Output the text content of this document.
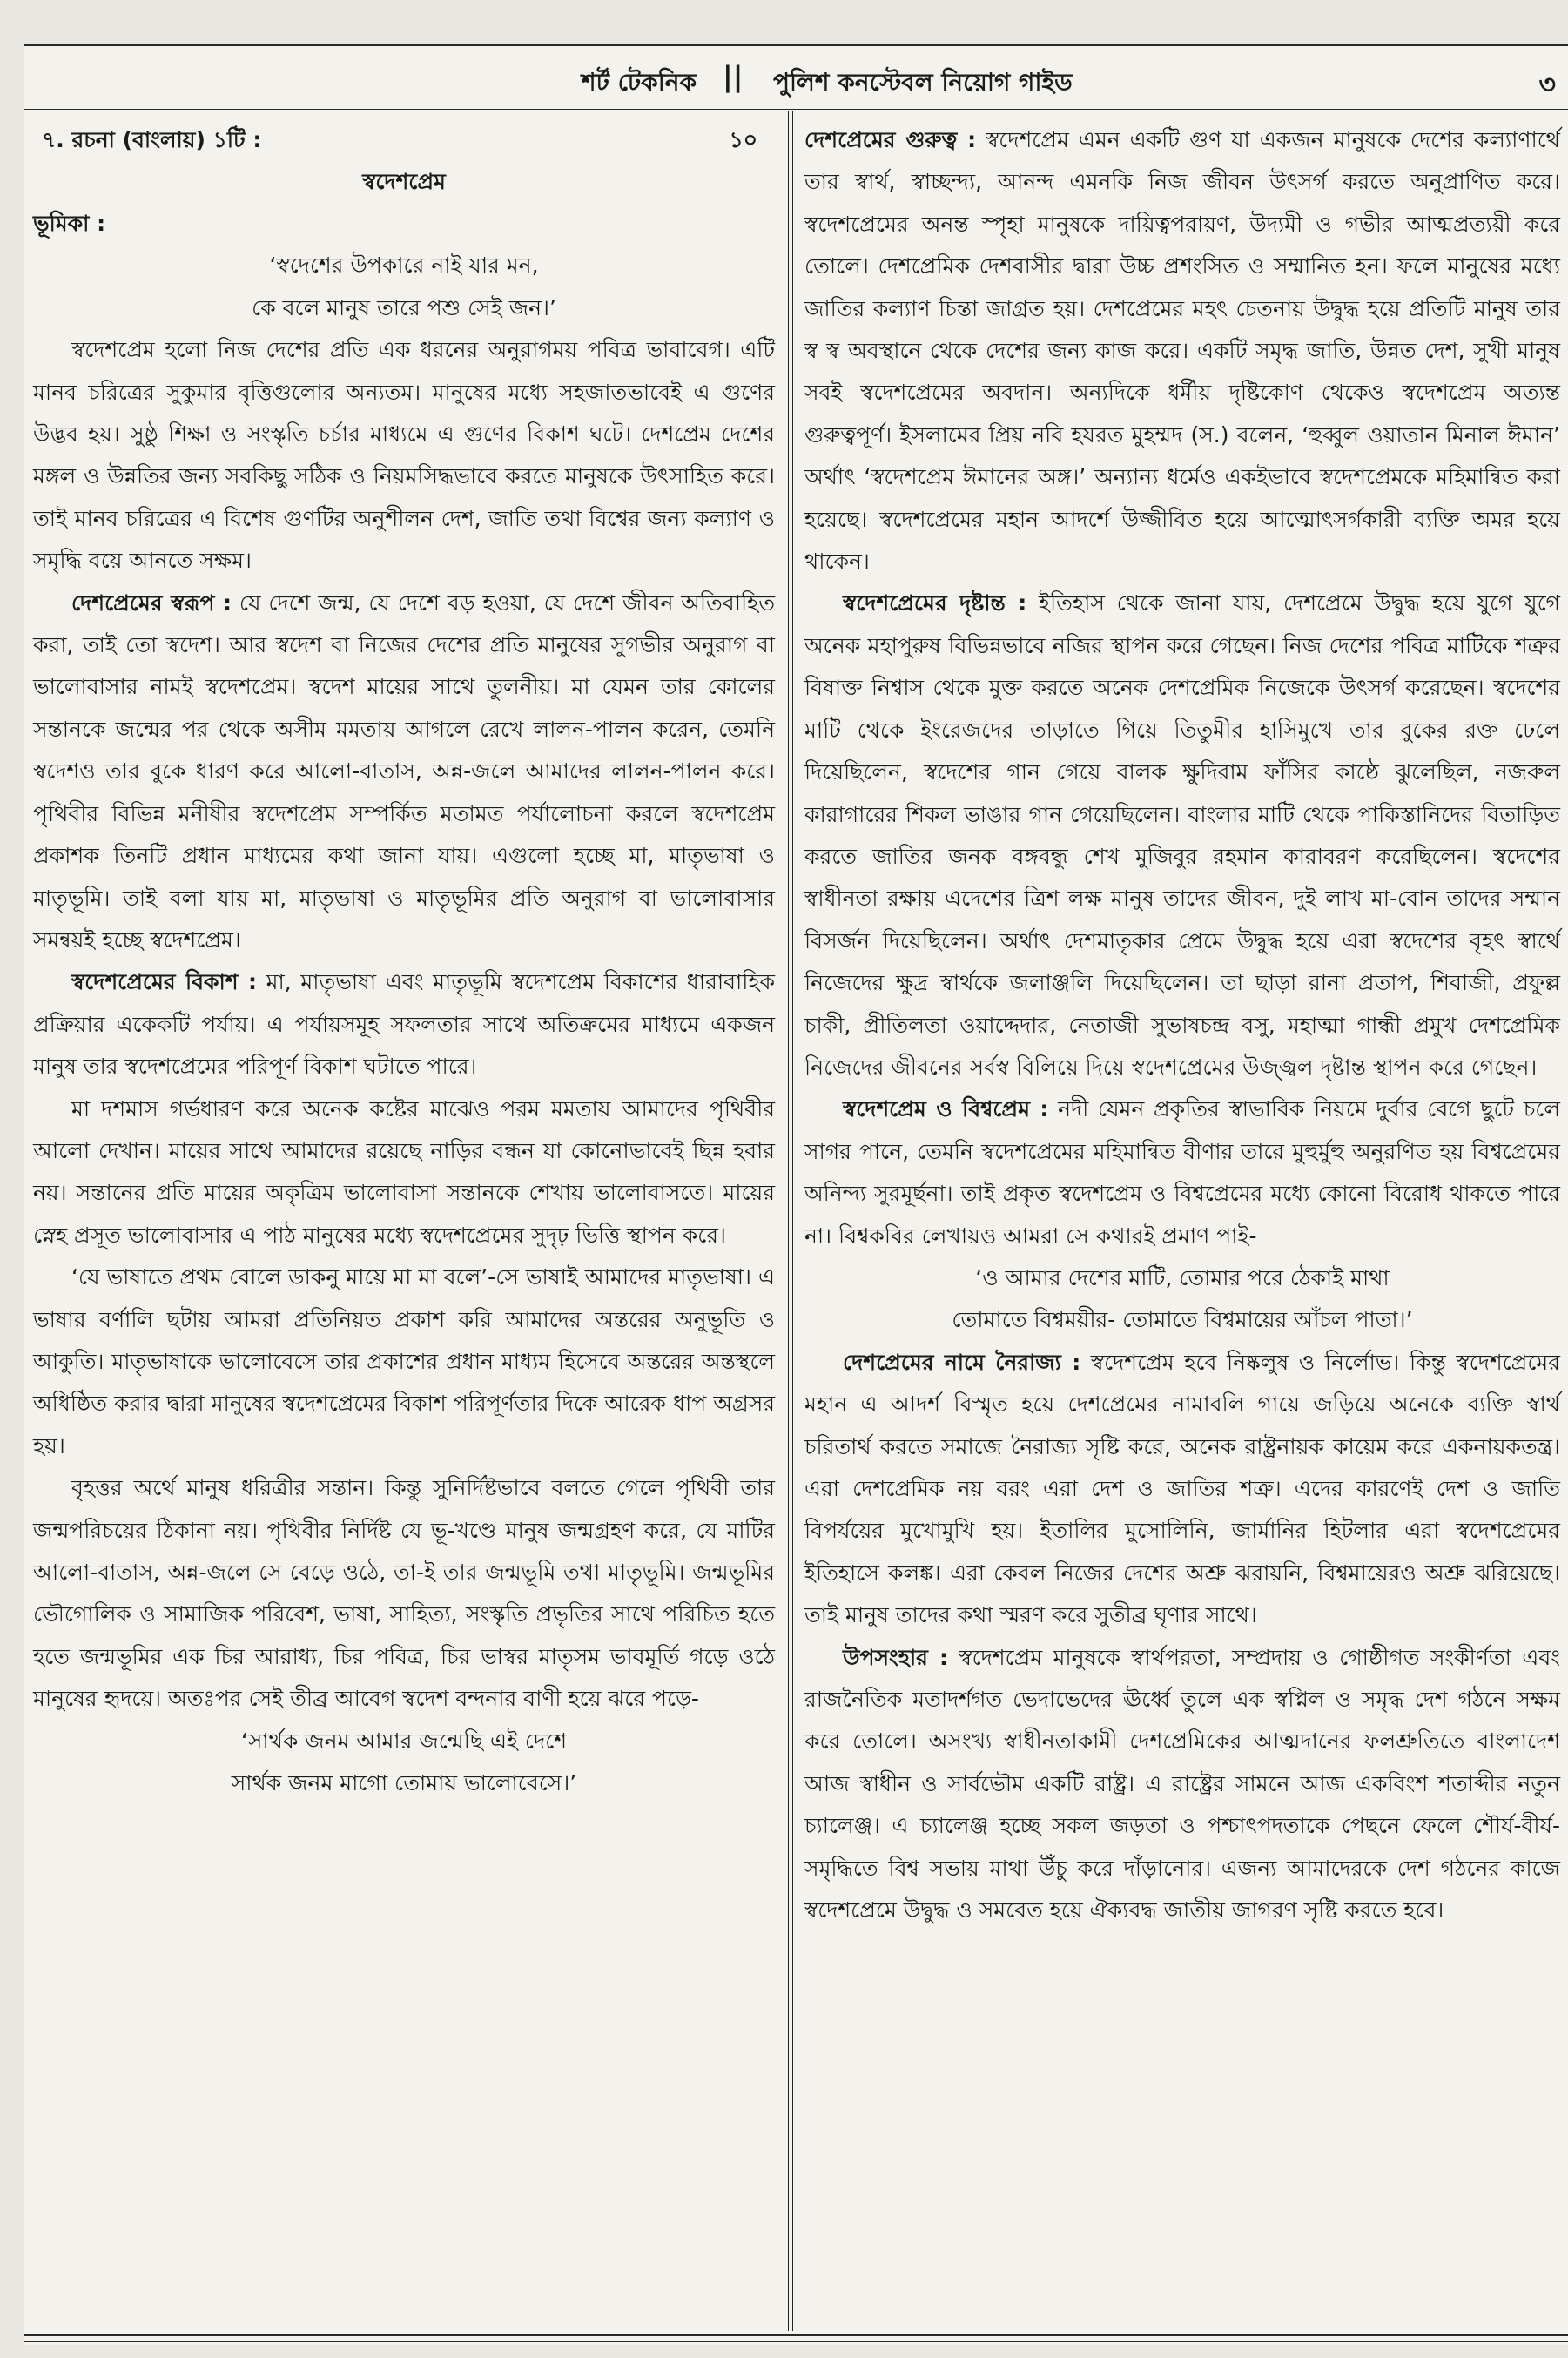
শর্ট টেকনিক || পুলিশ কনস্টেবল নিয়োগ গাইড	৩
৭. রচনা (বাংলায়) ১টি :	১০
স্বদেশপ্রেম

ভূমিকা :

‘স্বদেশের উপকারে নাই যার মন,

কে বলে মানুষ তারে পশু সেই জন।’

স্বদেশপ্রেম হলো নিজ দেশের প্রতি এক ধরনের অনুরাগময় পবিত্র ভাবাবেগ। এটি মানব চরিত্রের সুকুমার বৃত্তিগুলোর অন্যতম। মানুষের মধ্যে সহজাতভাবেই এ গুণের উদ্ভব হয়। সুষ্ঠু শিক্ষা ও সংস্কৃতি চর্চার মাধ্যমে এ গুণের বিকাশ ঘটে। দেশপ্রেম দেশের মঙ্গল ও উন্নতির জন্য সবকিছু সঠিক ও নিয়মসিদ্ধভাবে করতে মানুষকে উৎসাহিত করে। তাই মানব চরিত্রের এ বিশেষ গুণটির অনুশীলন দেশ, জাতি তথা বিশ্বের জন্য কল্যাণ ও সমৃদ্ধি বয়ে আনতে সক্ষম।

দেশপ্রেমের স্বরূপ : যে দেশে জন্ম, যে দেশে বড় হওয়া, যে দেশে জীবন অতিবাহিত করা, তাই তো স্বদেশ। আর স্বদেশ বা নিজের দেশের প্রতি মানুষের সুগভীর অনুরাগ বা ভালোবাসার নামই স্বদেশপ্রেম। স্বদেশ মায়ের সাথে তুলনীয়। মা যেমন তার কোলের সন্তানকে জন্মের পর থেকে অসীম মমতায় আগলে রেখে লালন-পালন করেন, তেমনি স্বদেশও তার বুকে ধারণ করে আলো-বাতাস, অন্ন-জলে আমাদের লালন-পালন করে। পৃথিবীর বিভিন্ন মনীষীর স্বদেশপ্রেম সম্পর্কিত মতামত পর্যালোচনা করলে স্বদেশপ্রেম প্রকাশক তিনটি প্রধান মাধ্যমের কথা জানা যায়। এগুলো হচ্ছে মা, মাতৃভাষা ও মাতৃভূমি। তাই বলা যায় মা, মাতৃভাষা ও মাতৃভূমির প্রতি অনুরাগ বা ভালোবাসার সমন্বয়ই হচ্ছে স্বদেশপ্রেম।

স্বদেশপ্রেমের বিকাশ : মা, মাতৃভাষা এবং মাতৃভূমি স্বদেশপ্রেম বিকাশের ধারাবাহিক প্রক্রিয়ার একেকটি পর্যায়। এ পর্যায়সমূহ সফলতার সাথে অতিক্রমের মাধ্যমে একজন মানুষ তার স্বদেশপ্রেমের পরিপূর্ণ বিকাশ ঘটাতে পারে।

মা দশমাস গর্ভধারণ করে অনেক কষ্টের মাঝেও পরম মমতায় আমাদের পৃথিবীর আলো দেখান। মায়ের সাথে আমাদের রয়েছে নাড়ির বন্ধন যা কোনোভাবেই ছিন্ন হবার নয়। সন্তানের প্রতি মায়ের অকৃত্রিম ভালোবাসা সন্তানকে শেখায় ভালোবাসতে। মায়ের স্নেহ প্রসূত ভালোবাসার এ পাঠ মানুষের মধ্যে স্বদেশপ্রেমের সুদৃঢ় ভিত্তি স্থাপন করে।

‘যে ভাষাতে প্রথম বোলে ডাকনু মায়ে মা মা বলে’-সে ভাষাই আমাদের মাতৃভাষা। এ ভাষার বর্ণালি ছটায় আমরা প্রতিনিয়ত প্রকাশ করি আমাদের অন্তরের অনুভূতি ও আকুতি। মাতৃভাষাকে ভালোবেসে তার প্রকাশের প্রধান মাধ্যম হিসেবে অন্তরের অন্তস্থলে অধিষ্ঠিত করার দ্বারা মানুষের স্বদেশপ্রেমের বিকাশ পরিপূর্ণতার দিকে আরেক ধাপ অগ্রসর হয়।

বৃহত্তর অর্থে মানুষ ধরিত্রীর সন্তান। কিন্তু সুনির্দিষ্টভাবে বলতে গেলে পৃথিবী তার জন্মপরিচয়ের ঠিকানা নয়। পৃথিবীর নির্দিষ্ট যে ভূ-খণ্ডে মানুষ জন্মগ্রহণ করে, যে মাটির আলো-বাতাস, অন্ন-জলে সে বেড়ে ওঠে, তা-ই তার জন্মভূমি তথা মাতৃভূমি। জন্মভূমির ভৌগোলিক ও সামাজিক পরিবেশ, ভাষা, সাহিত্য, সংস্কৃতি প্রভৃতির সাথে পরিচিত হতে হতে জন্মভূমির এক চির আরাধ্য, চির পবিত্র, চির ভাস্বর মাতৃসম ভাবমূর্তি গড়ে ওঠে মানুষের হৃদয়ে। অতঃপর সেই তীব্র আবেগ স্বদেশ বন্দনার বাণী হয়ে ঝরে পড়ে-

‘সার্থক জনম আমার জন্মেছি এই দেশে

সার্থক জনম মাগো তোমায় ভালোবেসে।’

দেশপ্রেমের গুরুত্ব : স্বদেশপ্রেম এমন একটি গুণ যা একজন মানুষকে দেশের কল্যাণার্থে তার স্বার্থ, স্বাচ্ছন্দ্য, আনন্দ এমনকি নিজ জীবন উৎসর্গ করতে অনুপ্রাণিত করে। স্বদেশপ্রেমের অনন্ত স্পৃহা মানুষকে দায়িত্বপরায়ণ, উদ্যমী ও গভীর আত্মপ্রত্যয়ী করে তোলে। দেশপ্রেমিক দেশবাসীর দ্বারা উচ্চ প্রশংসিত ও সম্মানিত হন। ফলে মানুষের মধ্যে জাতির কল্যাণ চিন্তা জাগ্রত হয়। দেশপ্রেমের মহৎ চেতনায় উদ্বুদ্ধ হয়ে প্রতিটি মানুষ তার স্ব স্ব অবস্থানে থেকে দেশের জন্য কাজ করে। একটি সমৃদ্ধ জাতি, উন্নত দেশ, সুখী মানুষ সবই স্বদেশপ্রেমের অবদান। অন্যদিকে ধর্মীয় দৃষ্টিকোণ থেকেও স্বদেশপ্রেম অত্যন্ত গুরুত্বপূর্ণ। ইসলামের প্রিয় নবি হযরত মুহম্মদ (স.) বলেন, ‘হুব্বুল ওয়াতান মিনাল ঈমান’ অর্থাৎ ‘স্বদেশপ্রেম ঈমানের অঙ্গ।’ অন্যান্য ধর্মেও একইভাবে স্বদেশপ্রেমকে মহিমান্বিত করা হয়েছে। স্বদেশপ্রেমের মহান আদর্শে উজ্জীবিত হয়ে আত্মোৎসর্গকারী ব্যক্তি অমর হয়ে থাকেন।

স্বদেশপ্রেমের দৃষ্টান্ত : ইতিহাস থেকে জানা যায়, দেশপ্রেমে উদ্বুদ্ধ হয়ে যুগে যুগে অনেক মহাপুরুষ বিভিন্নভাবে নজির স্থাপন করে গেছেন। নিজ দেশের পবিত্র মাটিকে শত্রুর বিষাক্ত নিশ্বাস থেকে মুক্ত করতে অনেক দেশপ্রেমিক নিজেকে উৎসর্গ করেছেন। স্বদেশের মাটি থেকে ইংরেজদের তাড়াতে গিয়ে তিতুমীর হাসিমুখে তার বুকের রক্ত ঢেলে দিয়েছিলেন, স্বদেশের গান গেয়ে বালক ক্ষুদিরাম ফাঁসির কাষ্ঠে ঝুলেছিল, নজরুল কারাগারের শিকল ভাঙার গান গেয়েছিলেন। বাংলার মাটি থেকে পাকিস্তানিদের বিতাড়িত করতে জাতির জনক বঙ্গবন্ধু শেখ মুজিবুর রহমান কারাবরণ করেছিলেন। স্বদেশের স্বাধীনতা রক্ষায় এদেশের ত্রিশ লক্ষ মানুষ তাদের জীবন, দুই লাখ মা-বোন তাদের সম্মান বিসর্জন দিয়েছিলেন। অর্থাৎ দেশমাতৃকার প্রেমে উদ্বুদ্ধ হয়ে এরা স্বদেশের বৃহৎ স্বার্থে নিজেদের ক্ষুদ্র স্বার্থকে জলাঞ্জলি দিয়েছিলেন। তা ছাড়া রানা প্রতাপ, শিবাজী, প্রফুল্ল চাকী, প্রীতিলতা ওয়াদ্দেদার, নেতাজী সুভাষচন্দ্র বসু, মহাত্মা গান্ধী প্রমুখ দেশপ্রেমিক নিজেদের জীবনের সর্বস্ব বিলিয়ে দিয়ে স্বদেশপ্রেমের উজ্জ্বল দৃষ্টান্ত স্থাপন করে গেছেন।

স্বদেশপ্রেম ও বিশ্বপ্রেম : নদী যেমন প্রকৃতির স্বাভাবিক নিয়মে দুর্বার বেগে ছুটে চলে সাগর পানে, তেমনি স্বদেশপ্রেমের মহিমান্বিত বীণার তারে মুহুর্মুহু অনুরণিত হয় বিশ্বপ্রেমের অনিন্দ্য সুরমূর্ছনা। তাই প্রকৃত স্বদেশপ্রেম ও বিশ্বপ্রেমের মধ্যে কোনো বিরোধ থাকতে পারে না। বিশ্বকবির লেখায়ও আমরা সে কথারই প্রমাণ পাই-

‘ও আমার দেশের মাটি, তোমার পরে ঠেকাই মাথা

তোমাতে বিশ্বময়ীর- তোমাতে বিশ্বমায়ের আঁচল পাতা।’

দেশপ্রেমের নামে নৈরাজ্য : স্বদেশপ্রেম হবে নিষ্কলুষ ও নির্লোভ। কিন্তু স্বদেশপ্রেমের মহান এ আদর্শ বিস্মৃত হয়ে দেশপ্রেমের নামাবলি গায়ে জড়িয়ে অনেকে ব্যক্তি স্বার্থ চরিতার্থ করতে সমাজে নৈরাজ্য সৃষ্টি করে, অনেক রাষ্ট্রনায়ক কায়েম করে একনায়কতন্ত্র। এরা দেশপ্রেমিক নয় বরং এরা দেশ ও জাতির শত্রু। এদের কারণেই দেশ ও জাতি বিপর্যয়ের মুখোমুখি হয়। ইতালির মুসোলিনি, জার্মানির হিটলার এরা স্বদেশপ্রেমের ইতিহাসে কলঙ্ক। এরা কেবল নিজের দেশের অশ্রু ঝরায়নি, বিশ্বমায়েরও অশ্রু ঝরিয়েছে। তাই মানুষ তাদের কথা স্মরণ করে সুতীব্র ঘৃণার সাথে।

উপসংহার : স্বদেশপ্রেম মানুষকে স্বার্থপরতা, সম্প্রদায় ও গোষ্ঠীগত সংকীর্ণতা এবং রাজনৈতিক মতাদর্শগত ভেদাভেদের ঊর্ধ্বে তুলে এক স্বপ্নিল ও সমৃদ্ধ দেশ গঠনে সক্ষম করে তোলে। অসংখ্য স্বাধীনতাকামী দেশপ্রেমিকের আত্মদানের ফলশ্রুতিতে বাংলাদেশ আজ স্বাধীন ও সার্বভৌম একটি রাষ্ট্র। এ রাষ্ট্রের সামনে আজ একবিংশ শতাব্দীর নতুন চ্যালেঞ্জ। এ চ্যালেঞ্জ হচ্ছে সকল জড়তা ও পশ্চাৎপদতাকে পেছনে ফেলে শৌর্য-বীর্য-সমৃদ্ধিতে বিশ্ব সভায় মাথা উঁচু করে দাঁড়ানোর। এজন্য আমাদেরকে দেশ গঠনের কাজে স্বদেশপ্রেমে উদ্বুদ্ধ ও সমবেত হয়ে ঐক্যবদ্ধ জাতীয় জাগরণ সৃষ্টি করতে হবে।
